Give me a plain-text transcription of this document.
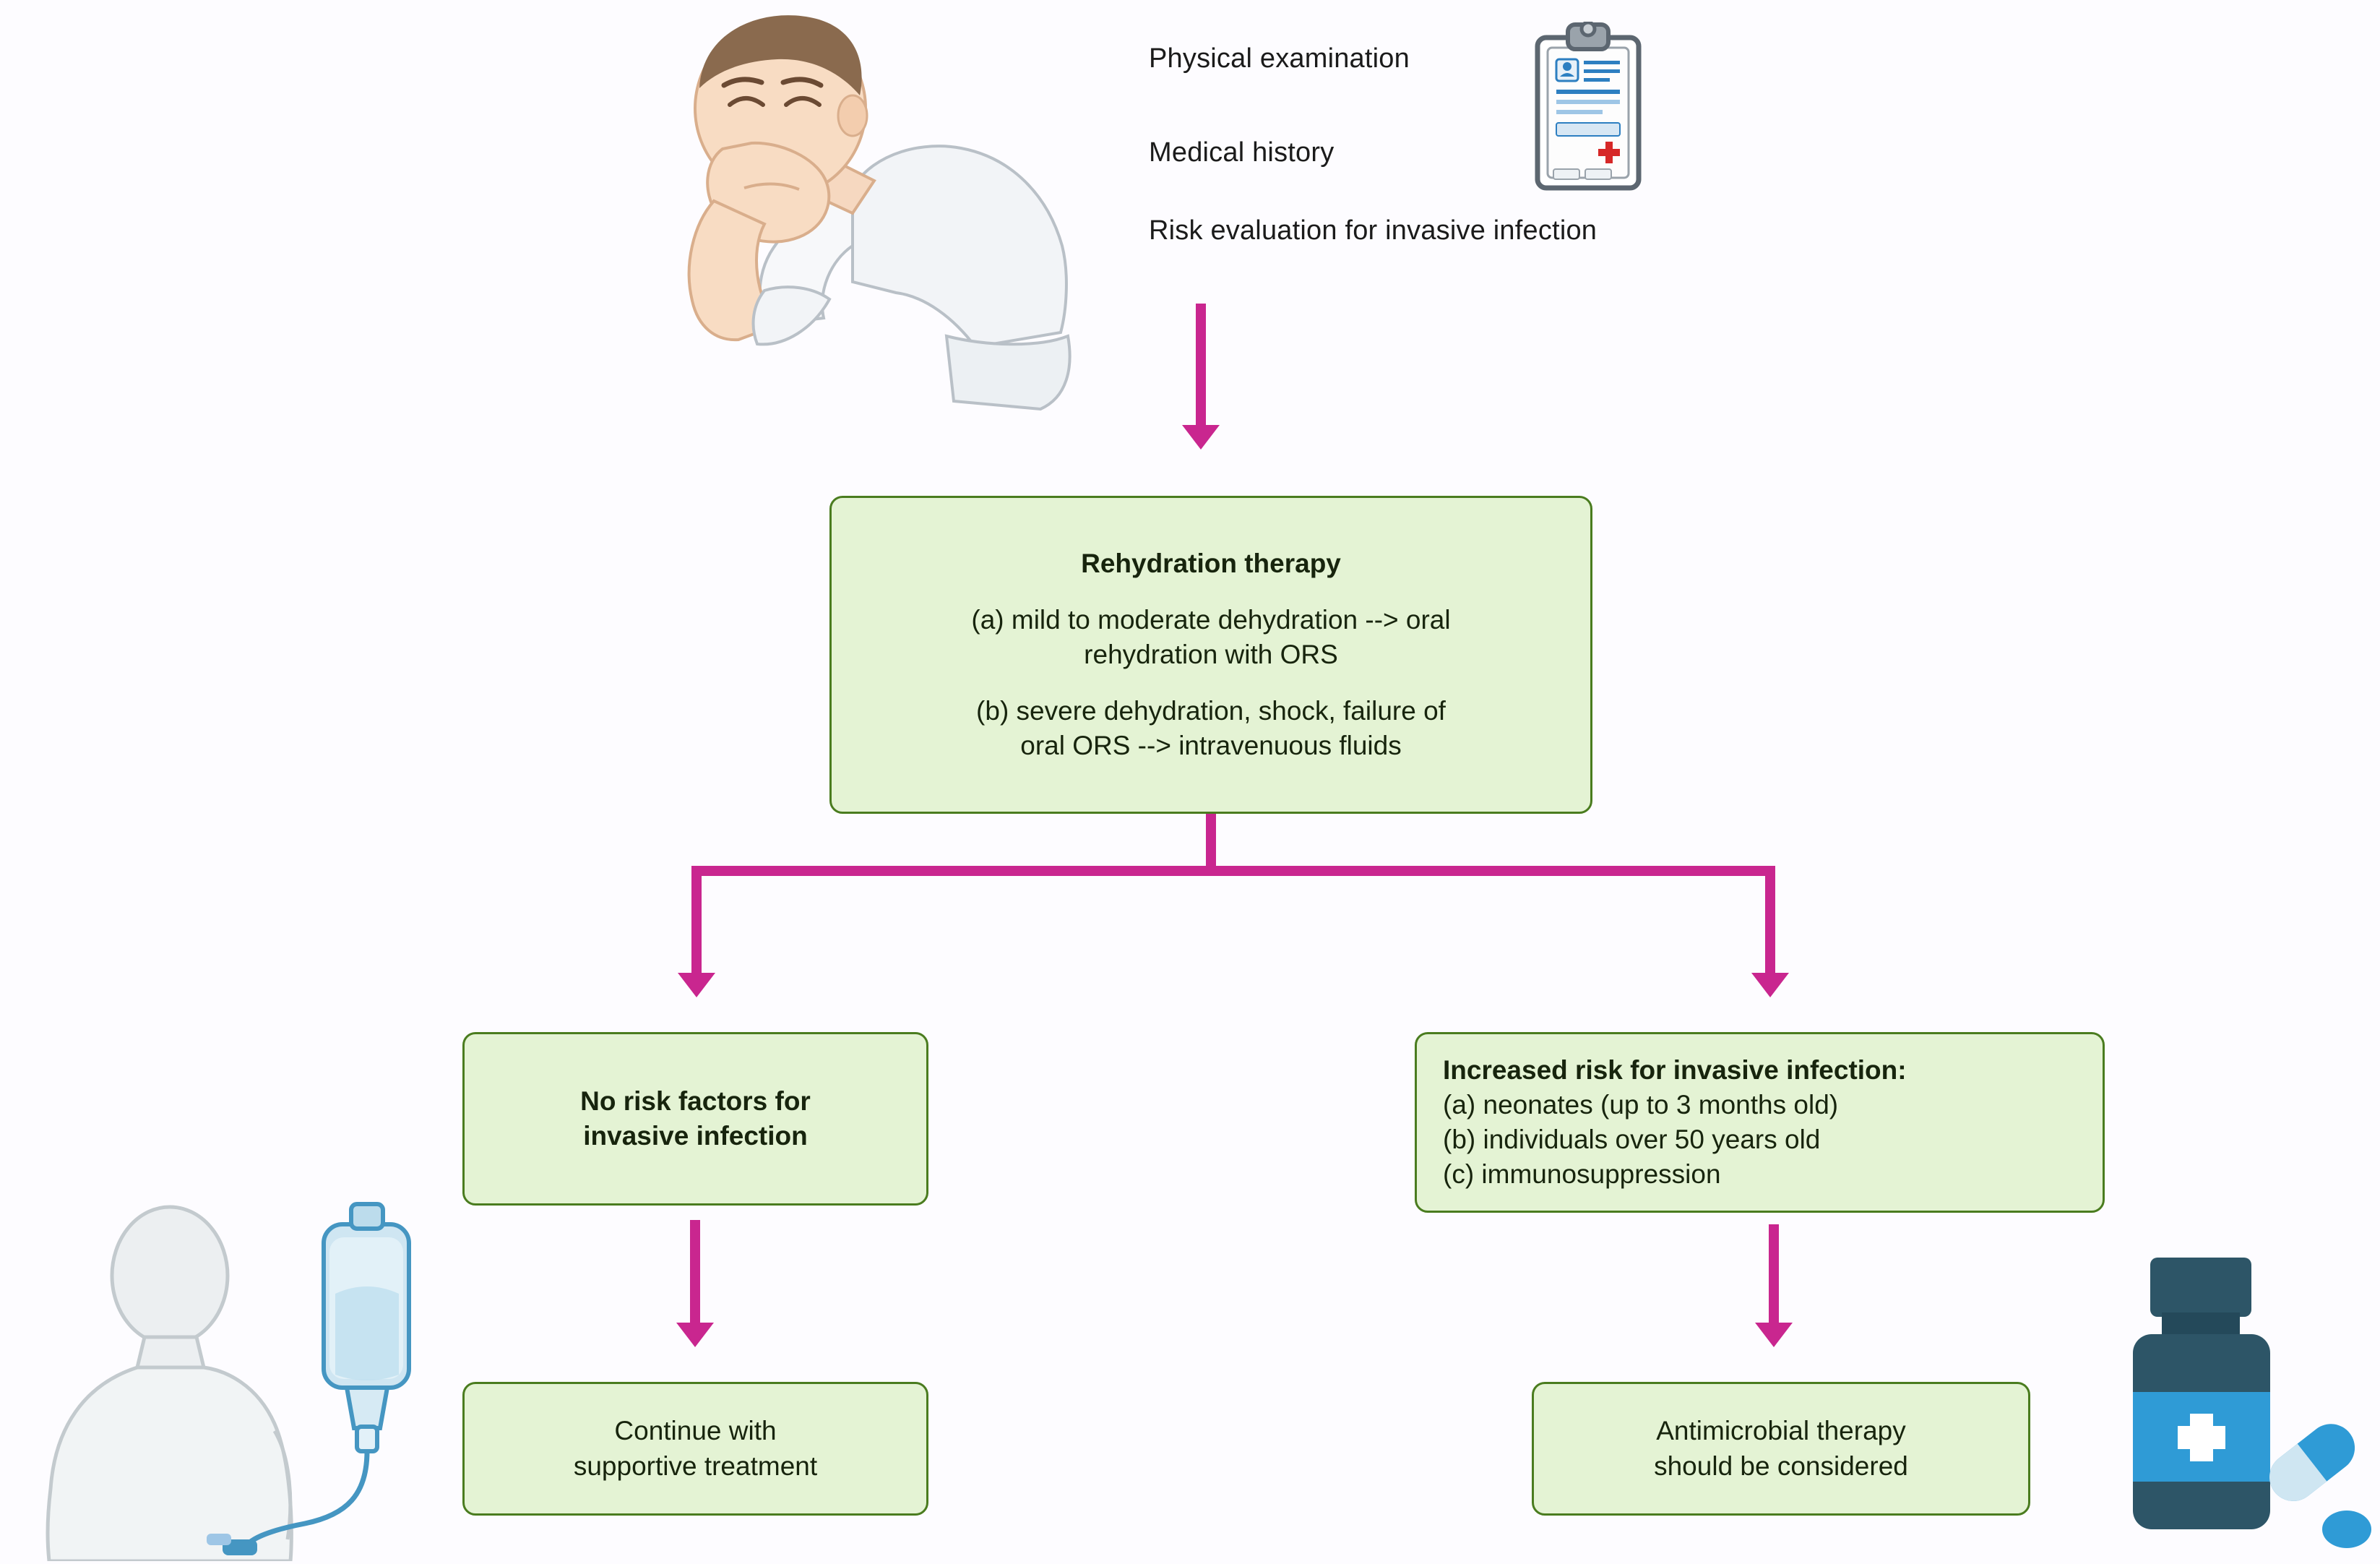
Physical examination
Medical history
Risk evaluation for invasive infection
Rehydration therapy
(a) mild to moderate dehydration --> oral
rehydration with ORS
(b) severe dehydration, shock, failure of
oral ORS --> intravenuous fluids
No risk factors for
invasive infection
Increased risk for invasive infection:
(a) neonates (up to 3 months old)
(b) individuals over 50 years old
(c) immunosuppression
Continue with
supportive treatment
Antimicrobial therapy
should be considered
